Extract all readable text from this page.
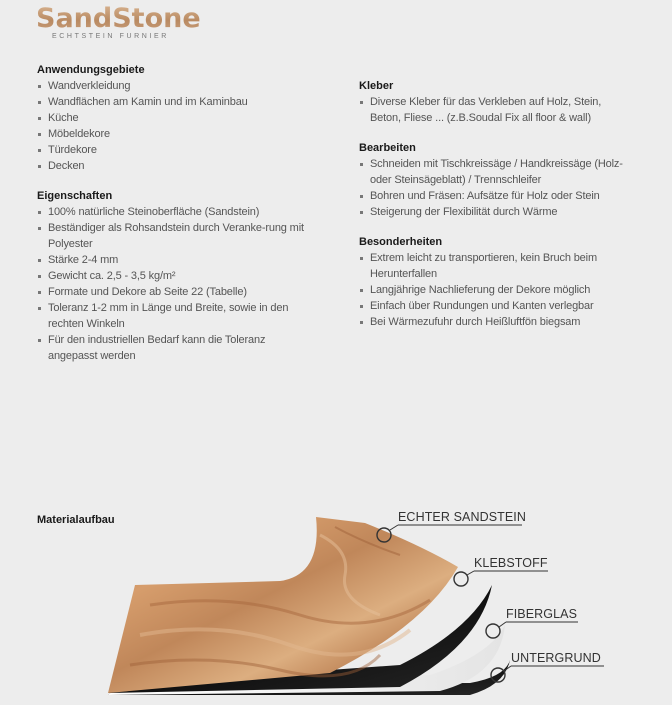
SandStone
ECHTSTEIN FURNIER
Anwendungsgebiete
Wandverkleidung
Wandflächen am Kamin und im Kaminbau
Küche
Möbeldekore
Türdekore
Decken
Eigenschaften
100% natürliche Steinoberfläche (Sandstein)
Beständiger als Rohsandstein durch Veranke-rung mit Polyester
Stärke 2-4 mm
Gewicht ca. 2,5 - 3,5 kg/m²
Formate und Dekore ab Seite 22 (Tabelle)
Toleranz 1-2 mm in Länge und Breite, sowie in den rechten Winkeln
Für den industriellen Bedarf kann die Toleranz angepasst werden
Kleber
Diverse Kleber für das Verkleben auf Holz, Stein, Beton, Fliese ... (z.B.Soudal Fix all floor & wall)
Bearbeiten
Schneiden mit Tischkreissäge / Handkreissäge (Holz- oder Steinsägeblatt) / Trennschleifer
Bohren und Fräsen: Aufsätze für Holz oder Stein
Steigerung der Flexibilität durch Wärme
Besonderheiten
Extrem leicht zu transportieren, kein Bruch beim Herunterfallen
Langjährige Nachlieferung der Dekore möglich
Einfach über Rundungen und Kanten verlegbar
Bei Wärmezufuhr durch Heißluftfön biegsam
Materialaufbau	ECHTER SANDSTEIN
KLEBSTOFF
FIBERGLAS
UNTERGRUND
